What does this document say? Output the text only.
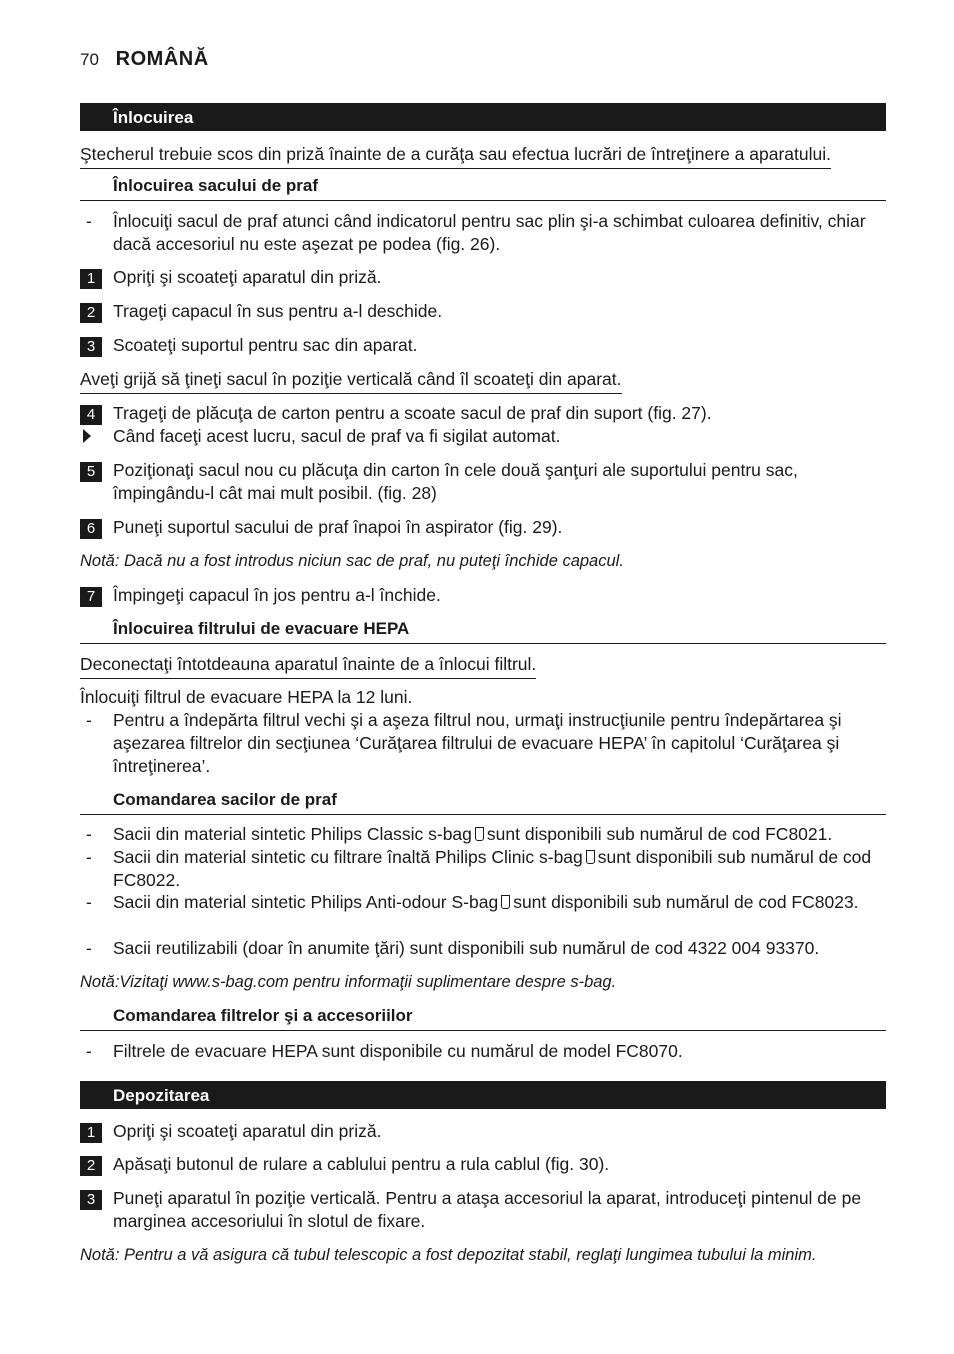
70 ROMÂNĂ
Înlocuirea
Ştecherul trebuie scos din priză înainte de a curăţa sau efectua lucrări de întreţinere a aparatului.
Înlocuirea sacului de praf
-	Înlocuiţi sacul de praf atunci când indicatorul pentru sac plin şi-a schimbat culoarea definitiv, chiar dacă accesoriul nu este aşezat pe podea (fig. 26).
1	Opriţi şi scoateţi aparatul din priză.
2	Trageţi capacul în sus pentru a-l deschide.
3	Scoateţi suportul pentru sac din aparat.
Aveţi grijă să ţineţi sacul în poziţie verticală când îl scoateţi din aparat.
4	Trageţi de plăcuţa de carton pentru a scoate sacul de praf din suport (fig. 27).
Când faceţi acest lucru, sacul de praf va fi sigilat automat.
5	Poziţionaţi sacul nou cu plăcuţa din carton în cele două şanţuri ale suportului pentru sac, împingându-l cât mai mult posibil. (fig. 28)
6	Puneţi suportul sacului de praf înapoi în aspirator (fig. 29).
Notă: Dacă nu a fost introdus niciun sac de praf, nu puteţi închide capacul.
7	Împingeţi capacul în jos pentru a-l închide.
Înlocuirea filtrului de evacuare HEPA
Deconectaţi întotdeauna aparatul înainte de a înlocui filtrul.
Înlocuiţi filtrul de evacuare HEPA la 12 luni.
-	Pentru a îndepărta filtrul vechi şi a aşeza filtrul nou, urmaţi instrucţiunile pentru îndepărtarea şi aşezarea filtrelor din secţiunea ‘Curăţarea filtrului de evacuare HEPA’ în capitolul ‘Curăţarea şi întreţinerea’.
Comandarea sacilor de praf
-	Sacii din material sintetic Philips Classic s-bag sunt disponibili sub numărul de cod FC8021.
-	Sacii din material sintetic cu filtrare înaltă Philips Clinic s-bag sunt disponibili sub numărul de cod FC8022.
-	Sacii din material sintetic Philips Anti-odour S-bag sunt disponibili sub numărul de cod FC8023.
-	Sacii reutilizabili (doar în anumite ţări) sunt disponibili sub numărul de cod 4322 004 93370.
Notă:Vizitaţi www.s-bag.com pentru informaţii suplimentare despre s-bag.
Comandarea filtrelor şi a accesoriilor
-	Filtrele de evacuare HEPA sunt disponibile cu numărul de model FC8070.
Depozitarea
1	Opriţi şi scoateţi aparatul din priză.
2	Apăsaţi butonul de rulare a cablului pentru a rula cablul (fig. 30).
3	Puneţi aparatul în poziţie verticală. Pentru a ataşa accesoriul la aparat, introduceţi pintenul de pe marginea accesoriului în slotul de fixare.
Notă: Pentru a vă asigura că tubul telescopic a fost depozitat stabil, reglaţi lungimea tubului la minim.
